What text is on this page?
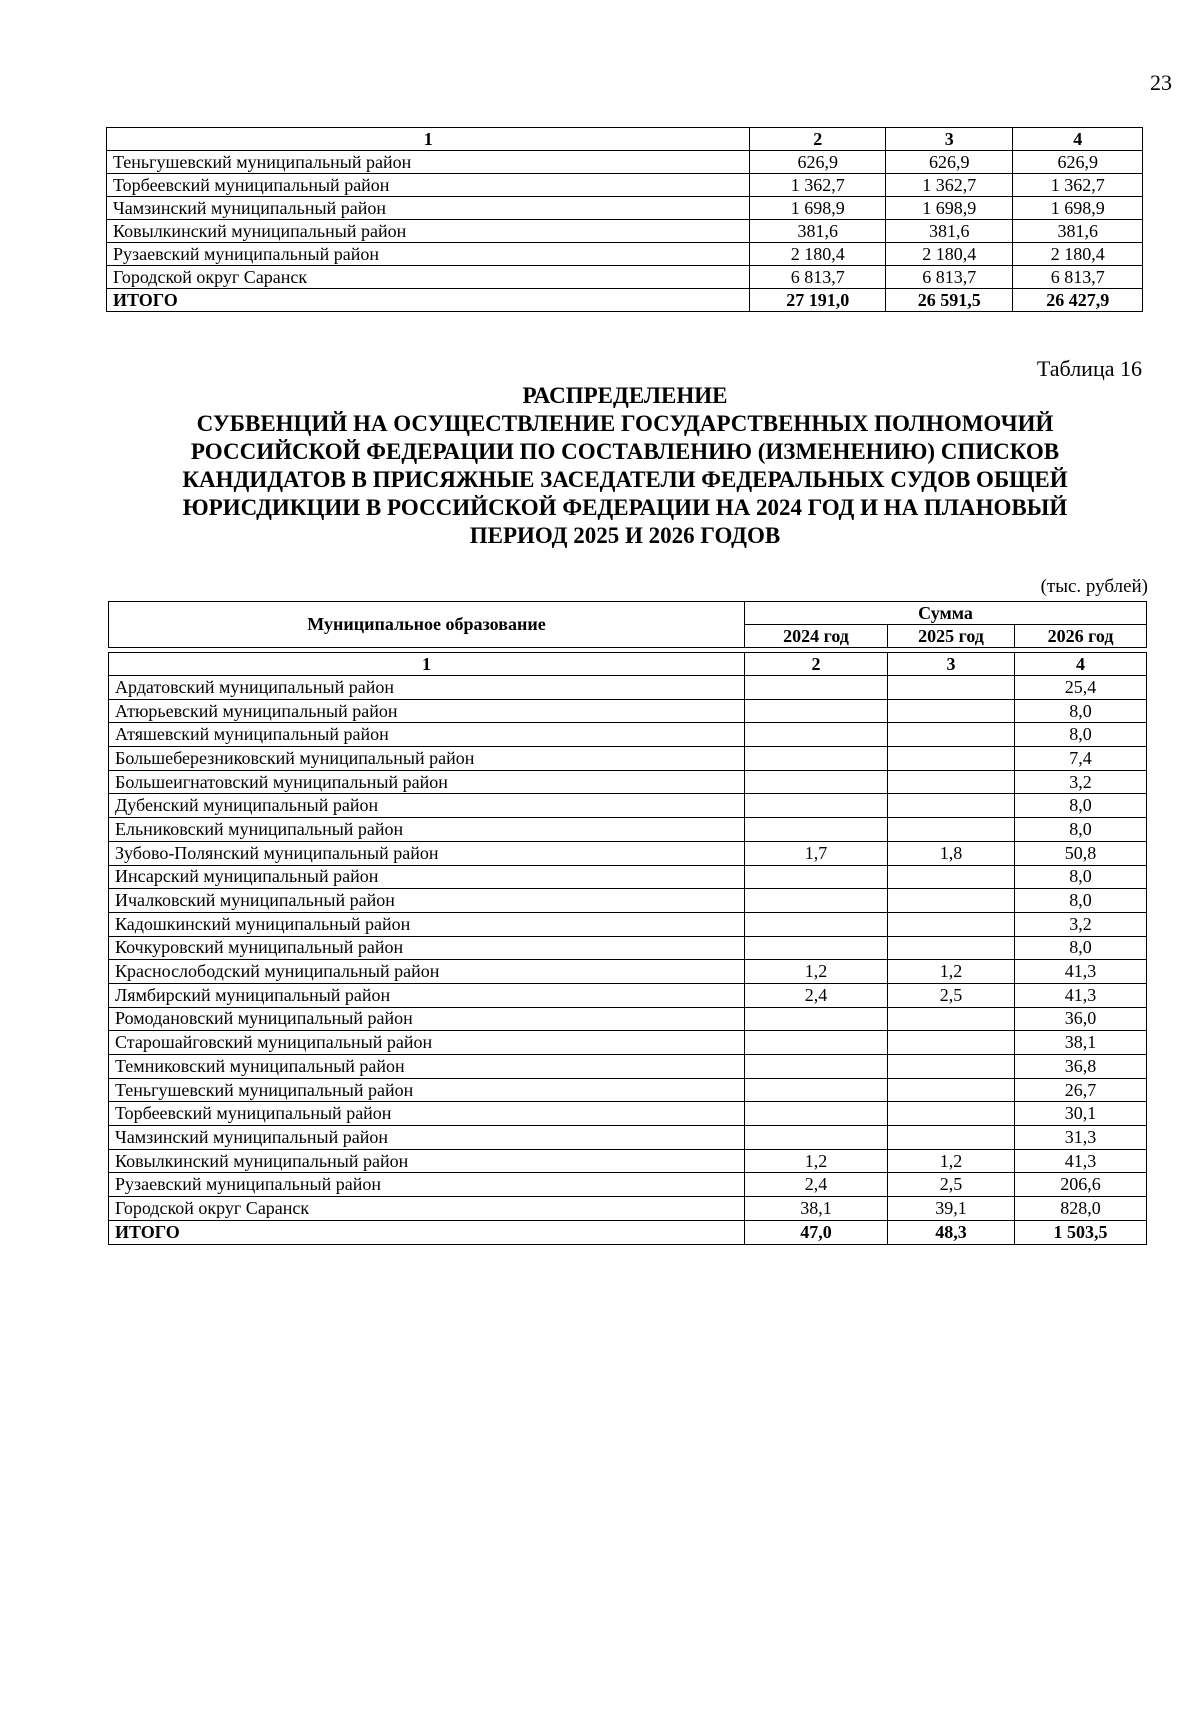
23
1	2	3	4
Теньгушевский муниципальный район	626,9	626,9	626,9
Торбеевский муниципальный район	1 362,7	1 362,7	1 362,7
Чамзинский муниципальный район	1 698,9	1 698,9	1 698,9
Ковылкинский муниципальный район	381,6	381,6	381,6
Рузаевский муниципальный район	2 180,4	2 180,4	2 180,4
Городской округ Саранск	6 813,7	6 813,7	6 813,7
ИТОГО	27 191,0	26 591,5	26 427,9
Таблица 16
РАСПРЕДЕЛЕНИЕ
СУБВЕНЦИЙ НА ОСУЩЕСТВЛЕНИЕ ГОСУДАРСТВЕННЫХ ПОЛНОМОЧИЙ
РОССИЙСКОЙ ФЕДЕРАЦИИ ПО СОСТАВЛЕНИЮ (ИЗМЕНЕНИЮ) СПИСКОВ
КАНДИДАТОВ В ПРИСЯЖНЫЕ ЗАСЕДАТЕЛИ ФЕДЕРАЛЬНЫХ СУДОВ ОБЩЕЙ
ЮРИСДИКЦИИ В РОССИЙСКОЙ ФЕДЕРАЦИИ НА 2024 ГОД И НА ПЛАНОВЫЙ
ПЕРИОД 2025 И 2026 ГОДОВ
(тыс. рублей)
Муниципальное образование	Сумма		
	2024 год	2025 год	2026 год

1	2	3	4
Ардатовский муниципальный район			25,4
Атюрьевский муниципальный район			8,0
Атяшевский муниципальный район			8,0
Большеберезниковский муниципальный район			7,4
Большеигнатовский муниципальный район			3,2
Дубенский муниципальный район			8,0
Ельниковский муниципальный район			8,0
Зубово-Полянский муниципальный район	1,7	1,8	50,8
Инсарский муниципальный район			8,0
Ичалковский муниципальный район			8,0
Кадошкинский муниципальный район			3,2
Кочкуровский муниципальный район			8,0
Краснослободский муниципальный район	1,2	1,2	41,3
Лямбирский муниципальный район	2,4	2,5	41,3
Ромодановский муниципальный район			36,0
Старошайговский муниципальный район			38,1
Темниковский муниципальный район			36,8
Теньгушевский муниципальный район			26,7
Торбеевский муниципальный район			30,1
Чамзинский муниципальный район			31,3
Ковылкинский муниципальный район	1,2	1,2	41,3
Рузаевский муниципальный район	2,4	2,5	206,6
Городской округ Саранск	38,1	39,1	828,0
ИТОГО	47,0	48,3	1 503,5
